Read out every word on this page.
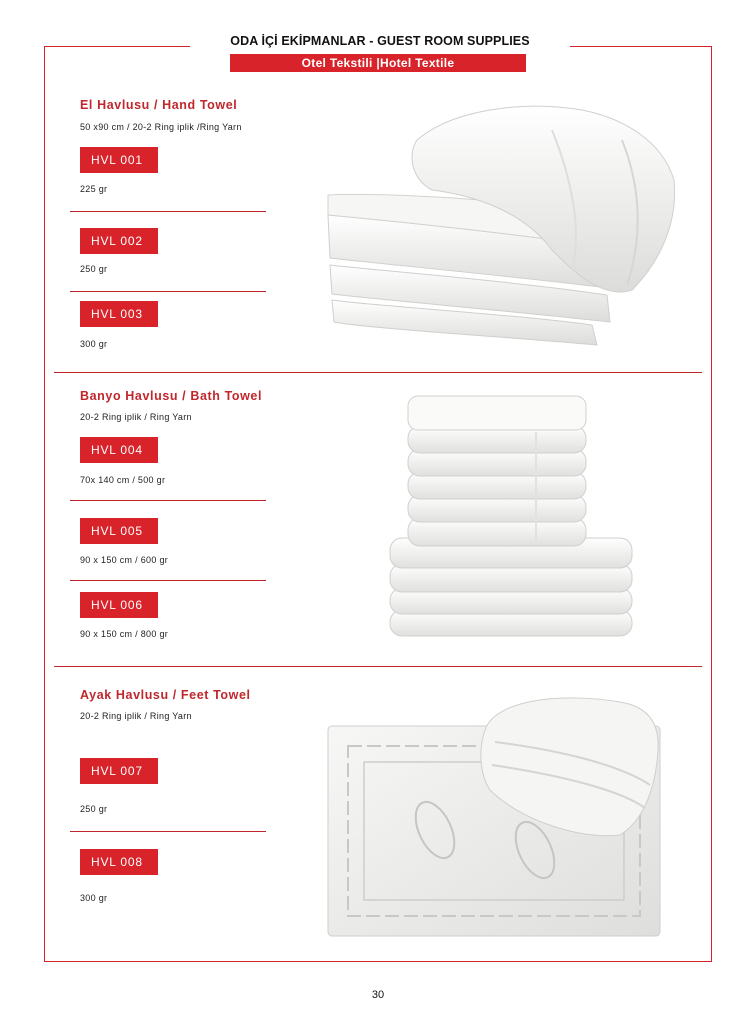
ODA İÇİ EKİPMANLAR - GUEST ROOM SUPPLIES
Otel Tekstili |Hotel Textile
El Havlusu / Hand Towel
50 x90 cm / 20-2 Ring iplik /Ring Yarn
HVL 001
225 gr
HVL 002
250 gr
HVL 003
300 gr
Banyo Havlusu / Bath Towel
20-2 Ring iplik / Ring Yarn
HVL 004
70x 140 cm / 500 gr
HVL 005
90 x 150 cm / 600 gr
HVL 006
90 x 150 cm / 800 gr
Ayak Havlusu / Feet Towel
20-2 Ring iplik / Ring Yarn
HVL 007
250 gr
HVL 008
300 gr
30
